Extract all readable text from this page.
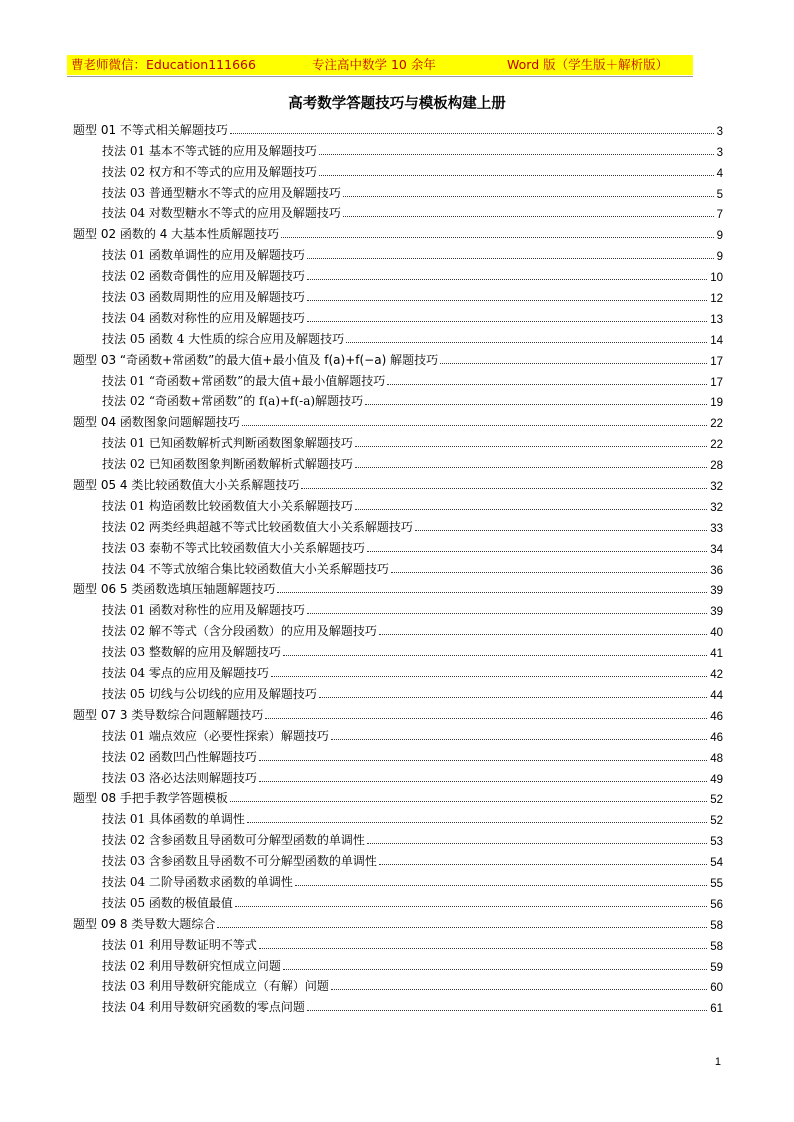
曹老师微信：Education111666	专注高中数学 10 余年	Word 版（学生版＋解析版）
高考数学答题技巧与模板构建上册
题型 01 不等式相关解题技巧	3
技法 01 基本不等式链的应用及解题技巧	3
技法 02 权方和不等式的应用及解题技巧	4
技法 03 普通型糖水不等式的应用及解题技巧	5
技法 04 对数型糖水不等式的应用及解题技巧	7
题型 02 函数的 4 大基本性质解题技巧	9
技法 01 函数单调性的应用及解题技巧	9
技法 02 函数奇偶性的应用及解题技巧	10
技法 03 函数周期性的应用及解题技巧	12
技法 04 函数对称性的应用及解题技巧	13
技法 05 函数 4 大性质的综合应用及解题技巧	14
题型 03 “奇函数+常函数”的最大值+最小值及 f(a)+f(−a) 解题技巧	17
技法 01 “奇函数+常函数”的最大值+最小值解题技巧	17
技法 02 “奇函数+常函数”的 f(a)+f(-a)解题技巧	19
题型 04 函数图象问题解题技巧	22
技法 01 已知函数解析式判断函数图象解题技巧	22
技法 02 已知函数图象判断函数解析式解题技巧	28
题型 05 4 类比较函数值大小关系解题技巧	32
技法 01 构造函数比较函数值大小关系解题技巧	32
技法 02 两类经典超越不等式比较函数值大小关系解题技巧	33
技法 03 泰勒不等式比较函数值大小关系解题技巧	34
技法 04 不等式放缩合集比较函数值大小关系解题技巧	36
题型 06 5 类函数选填压轴题解题技巧	39
技法 01 函数对称性的应用及解题技巧	39
技法 02 解不等式（含分段函数）的应用及解题技巧	40
技法 03 整数解的应用及解题技巧	41
技法 04 零点的应用及解题技巧	42
技法 05 切线与公切线的应用及解题技巧	44
题型 07 3 类导数综合问题解题技巧	46
技法 01 端点效应（必要性探索）解题技巧	46
技法 02 函数凹凸性解题技巧	48
技法 03 洛必达法则解题技巧	49
题型 08 手把手教学答题模板	52
技法 01 具体函数的单调性	52
技法 02 含参函数且导函数可分解型函数的单调性	53
技法 03 含参函数且导函数不可分解型函数的单调性	54
技法 04 二阶导函数求函数的单调性	55
技法 05 函数的极值最值	56
题型 09 8 类导数大题综合	58
技法 01 利用导数证明不等式	58
技法 02 利用导数研究恒成立问题	59
技法 03 利用导数研究能成立（有解）问题	60
技法 04 利用导数研究函数的零点问题	61
1
